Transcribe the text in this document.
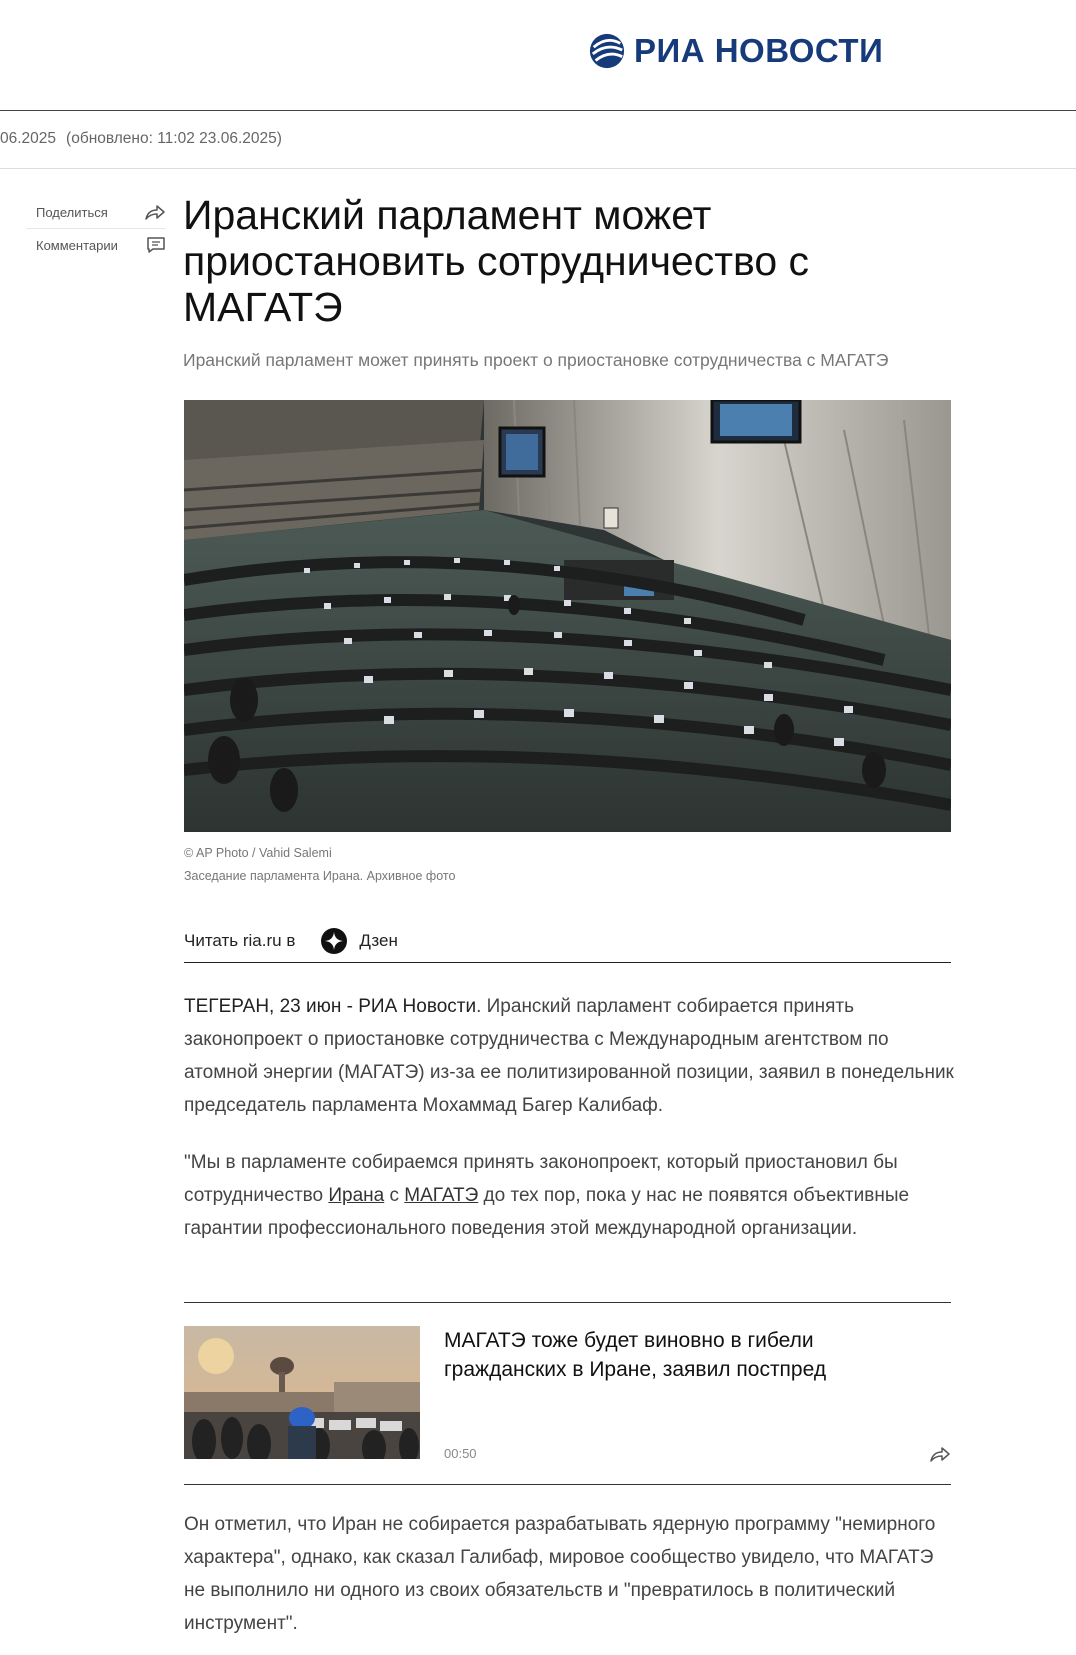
РИА НОВОСТИ
06.2025 (обновлено: 11:02 23.06.2025)
Поделиться
Комментарии
Иранский парламент может приостановить сотрудничество с МАГАТЭ
Иранский парламент может принять проект о приостановке сотрудничества с МАГАТЭ
© AP Photo / Vahid Salemi
Заседание парламента Ирана. Архивное фото
Читать ria.ru в	Дзен

ТЕГЕРАН, 23 июн - РИА Новости. Иранский парламент собирается принять законопроект о приостановке сотрудничества с Международным агентством по атомной энергии (МАГАТЭ) из-за ее политизированной позиции, заявил в понедельник председатель парламента Мохаммад Багер Калибаф.

"Мы в парламенте собираемся принять законопроект, который приостановил бы сотрудничество Ирана с МАГАТЭ до тех пор, пока у нас не появятся объективные гарантии профессионального поведения этой международной организации.

МАГАТЭ тоже будет виновно в гибели гражданских в Иране, заявил постпред
00:50

Он отметил, что Иран не собирается разрабатывать ядерную программу "немирного характера", однако, как сказал Галибаф, мировое сообщество увидело, что МАГАТЭ не выполнило ни одного из своих обязательств и "превратилось в политический инструмент".
